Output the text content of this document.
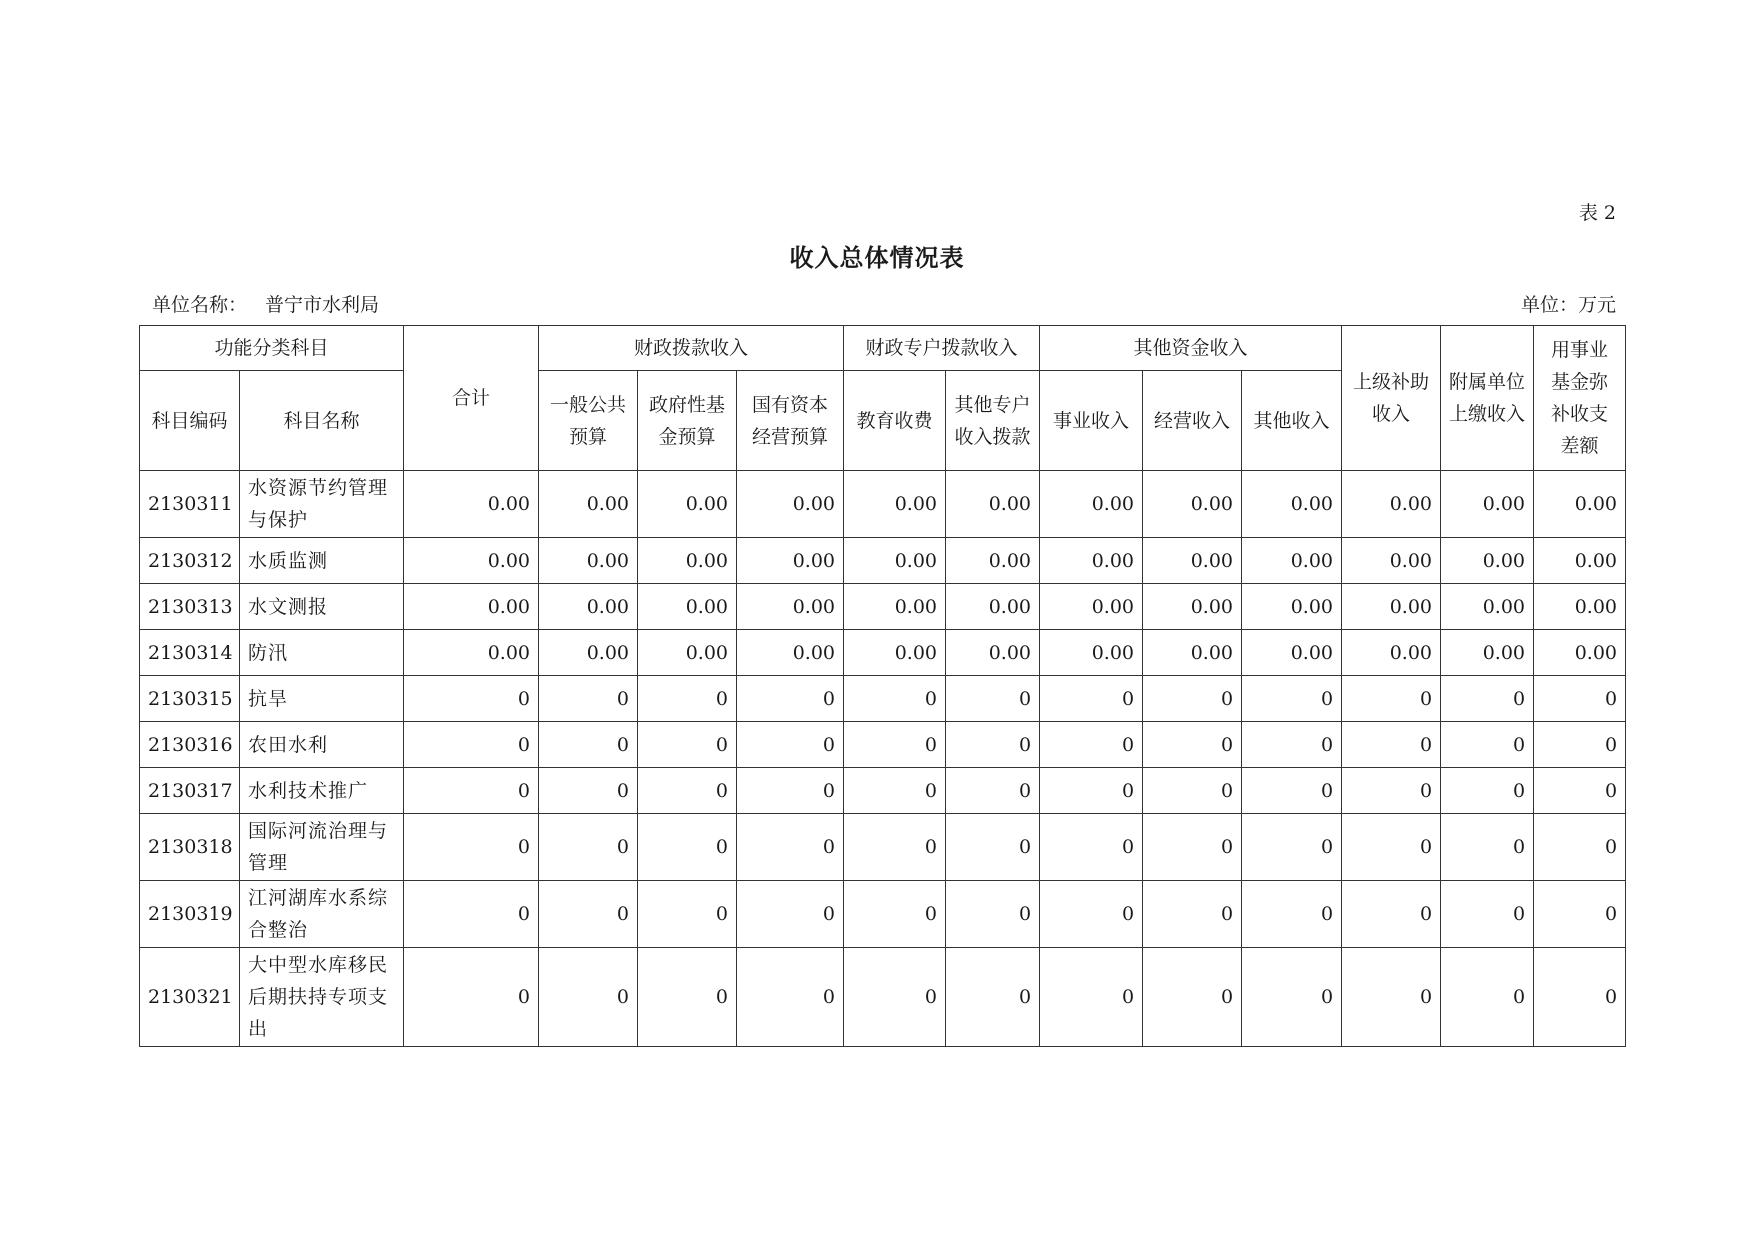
表 2
收入总体情况表
单位名称： 普宁市水利局	单位：万元
功能分类科目		合计	财政拨款收入			财政专户拨款收入		其他资金收入			上级补助收入	附属单位上缴收入	用事业基金弥补收支差额
科目编码	科目名称		一般公共预算	政府性基金预算	国有资本经营预算	教育收费	其他专户收入拨款	事业收入	经营收入	其他收入			
2130311	水资源节约管理与保护	0.00	0.00	0.00	0.00	0.00	0.00	0.00	0.00	0.00	0.00	0.00	0.00
2130312	水质监测	0.00	0.00	0.00	0.00	0.00	0.00	0.00	0.00	0.00	0.00	0.00	0.00
2130313	水文测报	0.00	0.00	0.00	0.00	0.00	0.00	0.00	0.00	0.00	0.00	0.00	0.00
2130314	防汛	0.00	0.00	0.00	0.00	0.00	0.00	0.00	0.00	0.00	0.00	0.00	0.00
2130315	抗旱	0	0	0	0	0	0	0	0	0	0	0	0
2130316	农田水利	0	0	0	0	0	0	0	0	0	0	0	0
2130317	水利技术推广	0	0	0	0	0	0	0	0	0	0	0	0
2130318	国际河流治理与管理	0	0	0	0	0	0	0	0	0	0	0	0
2130319	江河湖库水系综合整治	0	0	0	0	0	0	0	0	0	0	0	0
2130321	大中型水库移民后期扶持专项支出	0	0	0	0	0	0	0	0	0	0	0	0
